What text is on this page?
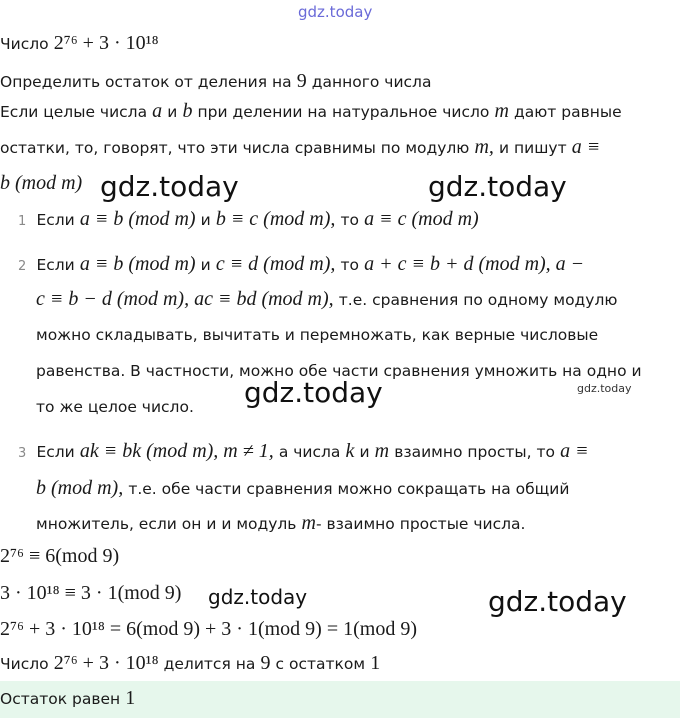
gdz.today
gdz.today	gdz.today
gdz.today	gdz.today
gdz.today	gdz.today
Число 2⁷⁶ + 3 · 10¹⁸
Определить остаток от деления на 9 данного числа
Если целые числа a и b при делении на натуральное число m дают равные
остатки, то, говорят, что эти числа сравнимы по модулю m, и пишут a ≡
b (mod m)
1 Если a ≡ b (mod m) и b ≡ c (mod m), то a ≡ c (mod m)
2 Если a ≡ b (mod m) и c ≡ d (mod m), то a + c ≡ b + d (mod m), a −
c ≡ b − d (mod m), ac ≡ bd (mod m), т.е. сравнения по одному модулю
можно складывать, вычитать и перемножать, как верные числовые
равенства. В частности, можно обе части сравнения умножить на одно и
то же целое число.
3 Если ak ≡ bk (mod m), m ≠ 1, а числа k и m взаимно просты, то a ≡
b (mod m), т.е. обе части сравнения можно сокращать на общий
множитель, если он и и модуль m- взаимно простые числа.
2⁷⁶ ≡ 6(mod 9)
3 · 10¹⁸ ≡ 3 · 1(mod 9)
2⁷⁶ + 3 · 10¹⁸ = 6(mod 9) + 3 · 1(mod 9) = 1(mod 9)
Число 2⁷⁶ + 3 · 10¹⁸ делится на 9 с остатком 1
Остаток равен 1
